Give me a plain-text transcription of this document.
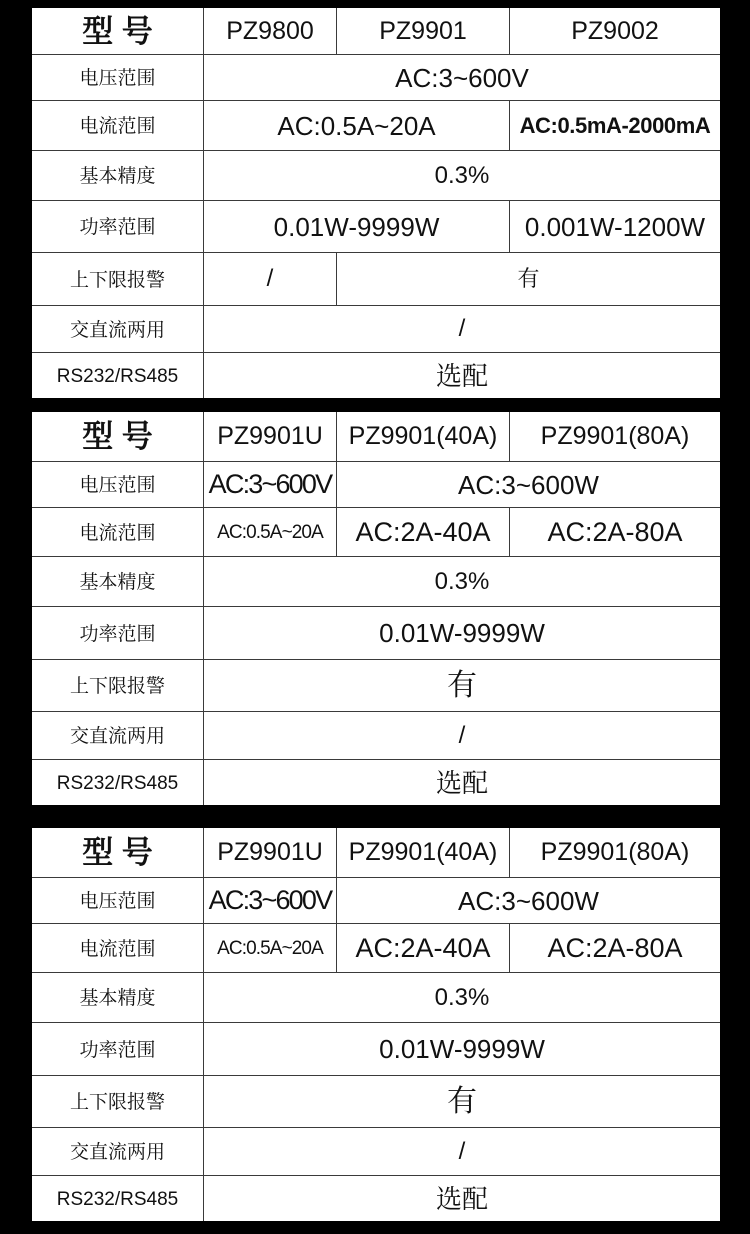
型 号	PZ9800	PZ9901	PZ9002
电压范围	AC:3~600V
电流范围	AC:0.5A~20A	AC:0.5mA-2000mA
基本精度	0.3%
功率范围	0.01W-9999W	0.001W-1200W
上下限报警	/	有
交直流两用	/
RS232/RS485	选配
型 号	PZ9901U	PZ9901(40A)	PZ9901(80A)
电压范围	AC:3~600V	AC:3~600W
电流范围	AC:0.5A~20A	AC:2A-40A	AC:2A-80A
基本精度	0.3%
功率范围	0.01W-9999W
上下限报警	有
交直流两用	/
RS232/RS485	选配
型 号	PZ9901U	PZ9901(40A)	PZ9901(80A)
电压范围	AC:3~600V	AC:3~600W
电流范围	AC:0.5A~20A	AC:2A-40A	AC:2A-80A
基本精度	0.3%
功率范围	0.01W-9999W
上下限报警	有
交直流两用	/
RS232/RS485	选配
